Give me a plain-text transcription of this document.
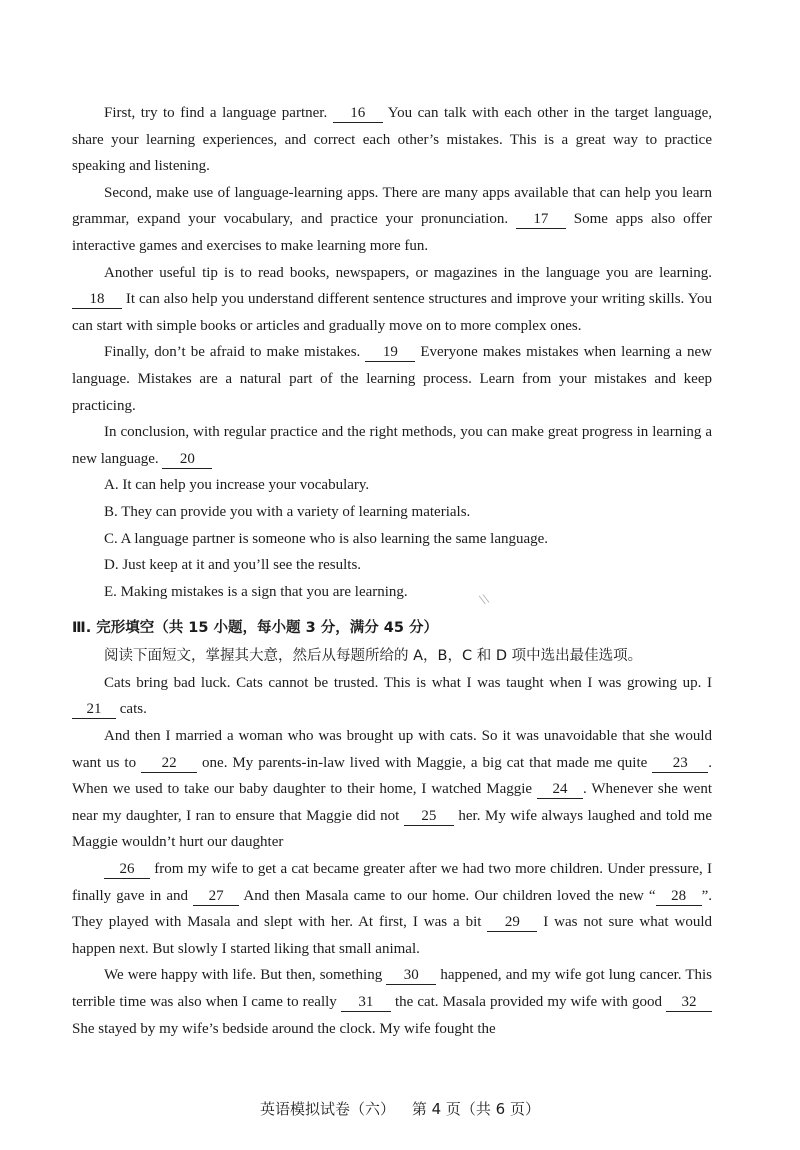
First, try to find a language partner. 16 You can talk with each other in the target language, share your learning experiences, and correct each other’s mistakes. This is a great way to practice speaking and listening.

Second, make use of language-learning apps. There are many apps available that can help you learn grammar, expand your vocabulary, and practice your pronunciation. 17 Some apps also offer interactive games and exercises to make learning more fun.

Another useful tip is to read books, newspapers, or magazines in the language you are learning. 18 It can also help you understand different sentence structures and improve your writing skills. You can start with simple books or articles and gradually move on to more complex ones.

Finally, don’t be afraid to make mistakes. 19 Everyone makes mistakes when learning a new language. Mistakes are a natural part of the learning process. Learn from your mistakes and keep practicing.

In conclusion, with regular practice and the right methods, you can make great progress in learning a new language. 20

A. It can help you increase your vocabulary.

B. They can provide you with a variety of learning materials.

C. A language partner is someone who is also learning the same language.

D. Just keep at it and you’ll see the results.

E. Making mistakes is a sign that you are learning.

Ⅲ. 完形填空（共 15 小题，每小题 3 分，满分 45 分）

阅读下面短文，掌握其大意，然后从每题所给的 A，B，C 和 D 项中选出最佳选项。

Cats bring bad luck. Cats cannot be trusted. This is what I was taught when I was growing up. I 21 cats.

And then I married a woman who was brought up with cats. So it was unavoidable that she would want us to 22 one. My parents-in-law lived with Maggie, a big cat that made me quite 23 . When we used to take our baby daughter to their home, I watched Maggie 24 . Whenever she went near my daughter, I ran to ensure that Maggie did not 25 her. My wife always laughed and told me Maggie wouldn’t hurt our daughter

26 from my wife to get a cat became greater after we had two more children. Under pressure, I finally gave in and 27 And then Masala came to our home. Our children loved the new “ 28 ”. They played with Masala and slept with her. At first, I was a bit 29 I was not sure what would happen next. But slowly I started liking that small animal.

We were happy with life. But then, something 30 happened, and my wife got lung cancer. This terrible time was also when I came to really 31 the cat. Masala provided my wife with good 32 She stayed by my wife’s bedside around the clock. My wife fought the

\\
英语模拟试卷（六） 第 4 页（共 6 页）
